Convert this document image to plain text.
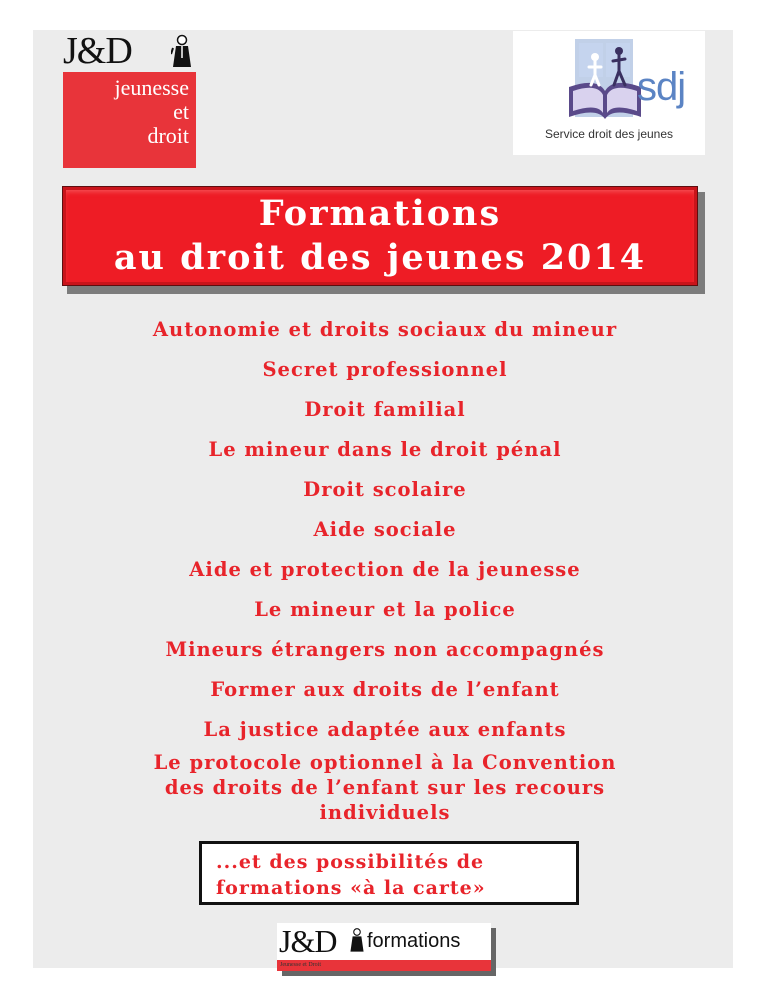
J&D
jeunesse
et
droit
sdj
Service droit des jeunes
Formations
au droit des jeunes 2014
Autonomie et droits sociaux du mineur
Secret professionnel
Droit familial
Le mineur dans le droit pénal
Droit scolaire
Aide sociale
Aide et protection de la jeunesse
Le mineur et la police
Mineurs étrangers non accompagnés
Former aux droits de l’enfant
La justice adaptée aux enfants
Le protocole optionnel à la Convention
des droits de l’enfant sur les recours
individuels
...et des possibilités de
formations «à la carte»
J&D formations
Jeunesse et Droit
